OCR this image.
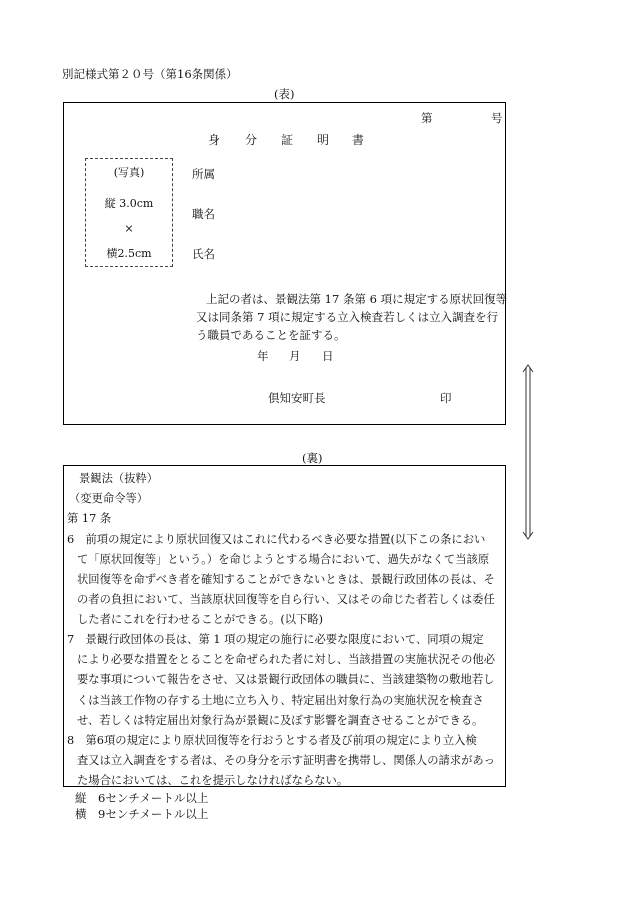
別記様式第２０号（第16条関係）
(表)
第	号
身 分 証 明 書
(写真)
縦 3.0cm
×
横2.5cm
所属
職名
氏名
上記の者は、景観法第 17 条第 6 項に規定する原状回復等
又は同条第 7 項に規定する立入検査若しくは立入調査を行
う職員であることを証する。
年 月 日
倶知安町長	印
(裏)
景観法（抜粋）
（変更命令等）
第 17 条
6　前項の規定により原状回復又はこれに代わるべき必要な措置(以下この条におい
て「原状回復等」という。）を命じようとする場合において、過失がなくて当該原
状回復等を命ずべき者を確知することができないときは、景観行政団体の長は、そ
の者の負担において、当該原状回復等を自ら行い、又はその命じた者若しくは委任
した者にこれを行わせることができる。(以下略)
7　景観行政団体の長は、第 1 項の規定の施行に必要な限度において、同項の規定
により必要な措置をとることを命ぜられた者に対し、当該措置の実施状況その他必
要な事項について報告をさせ、又は景観行政団体の職員に、当該建築物の敷地若し
くは当該工作物の存する土地に立ち入り、特定届出対象行為の実施状況を検査さ
せ、若しくは特定届出対象行為が景観に及ぼす影響を調査させることができる。
8　第6項の規定により原状回復等を行おうとする者及び前項の規定により立入検
査又は立入調査をする者は、その身分を示す証明書を携帯し、関係人の請求があっ
た場合においては、これを提示しなければならない。
縦　6センチメートル以上
横　9センチメートル以上
